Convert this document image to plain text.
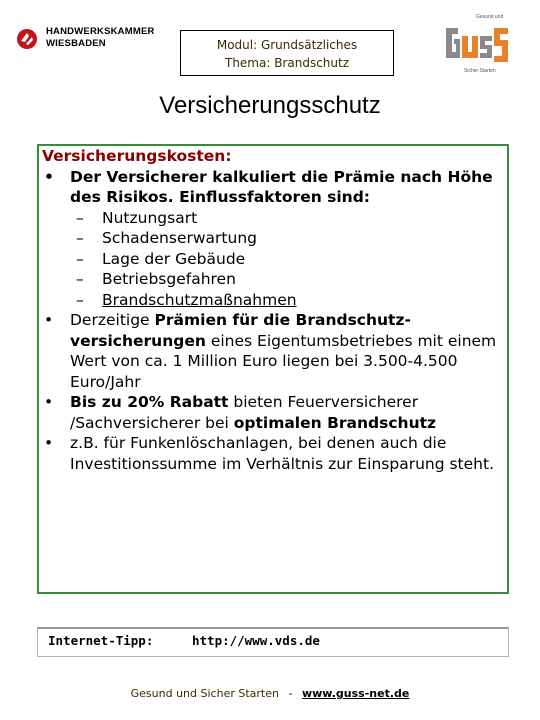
HANDWERKSKAMMER
WIESBADEN	Modul: Grundsätzliches
Thema: Brandschutz
Gesund und
Sicher Starten
Versicherungsschutz
Versicherungskosten:
• Der Versicherer kalkuliert die Prämie nach Höhe des Risikos. Einflussfaktoren sind:
– Nutzungsart
– Schadenserwartung
– Lage der Gebäude
– Betriebsgefahren
– Brandschutzmaßnahmen
• Derzeitige Prämien für die Brandschutz-versicherungen eines Eigentumsbetriebes mit einem Wert von ca. 1 Million Euro liegen bei 3.500-4.500 Euro/Jahr
• Bis zu 20% Rabatt bieten Feuerversicherer /Sachversicherer bei optimalen Brandschutz
• z.B. für Funkenlöschanlagen, bei denen auch die Investitionssumme im Verhältnis zur Einsparung steht.
Internet-Tipp:	http://www.vds.de
Gesund und Sicher Starten - www.guss-net.de
